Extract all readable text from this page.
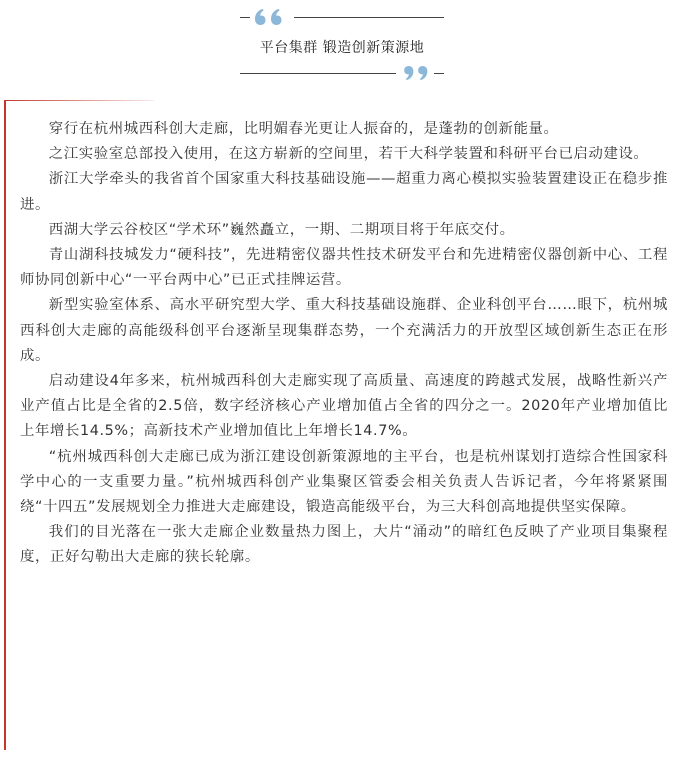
平台集群 锻造创新策源地

穿行在杭州城西科创大走廊，比明媚春光更让人振奋的，是蓬勃的创新能量。

之江实验室总部投入使用，在这方崭新的空间里，若干大科学装置和科研平台已启动建设。

浙江大学牵头的我省首个国家重大科技基础设施——超重力离心模拟实验装置建设正在稳步推进。

西湖大学云谷校区“学术环”巍然矗立，一期、二期项目将于年底交付。

青山湖科技城发力“硬科技”，先进精密仪器共性技术研发平台和先进精密仪器创新中心、工程师协同创新中心“一平台两中心”已正式挂牌运营。

新型实验室体系、高水平研究型大学、重大科技基础设施群、企业科创平台……眼下，杭州城西科创大走廊的高能级科创平台逐渐呈现集群态势，一个充满活力的开放型区域创新生态正在形成。

启动建设4年多来，杭州城西科创大走廊实现了高质量、高速度的跨越式发展，战略性新兴产业产值占比是全省的2.5倍，数字经济核心产业增加值占全省的四分之一。2020年产业增加值比上年增长14.5%；高新技术产业增加值比上年增长14.7%。

“杭州城西科创大走廊已成为浙江建设创新策源地的主平台，也是杭州谋划打造综合性国家科学中心的一支重要力量。”杭州城西科创产业集聚区管委会相关负责人告诉记者，今年将紧紧围绕“十四五”发展规划全力推进大走廊建设，锻造高能级平台，为三大科创高地提供坚实保障。

我们的目光落在一张大走廊企业数量热力图上，大片“涌动”的暗红色反映了产业项目集聚程度，正好勾勒出大走廊的狭长轮廓。
